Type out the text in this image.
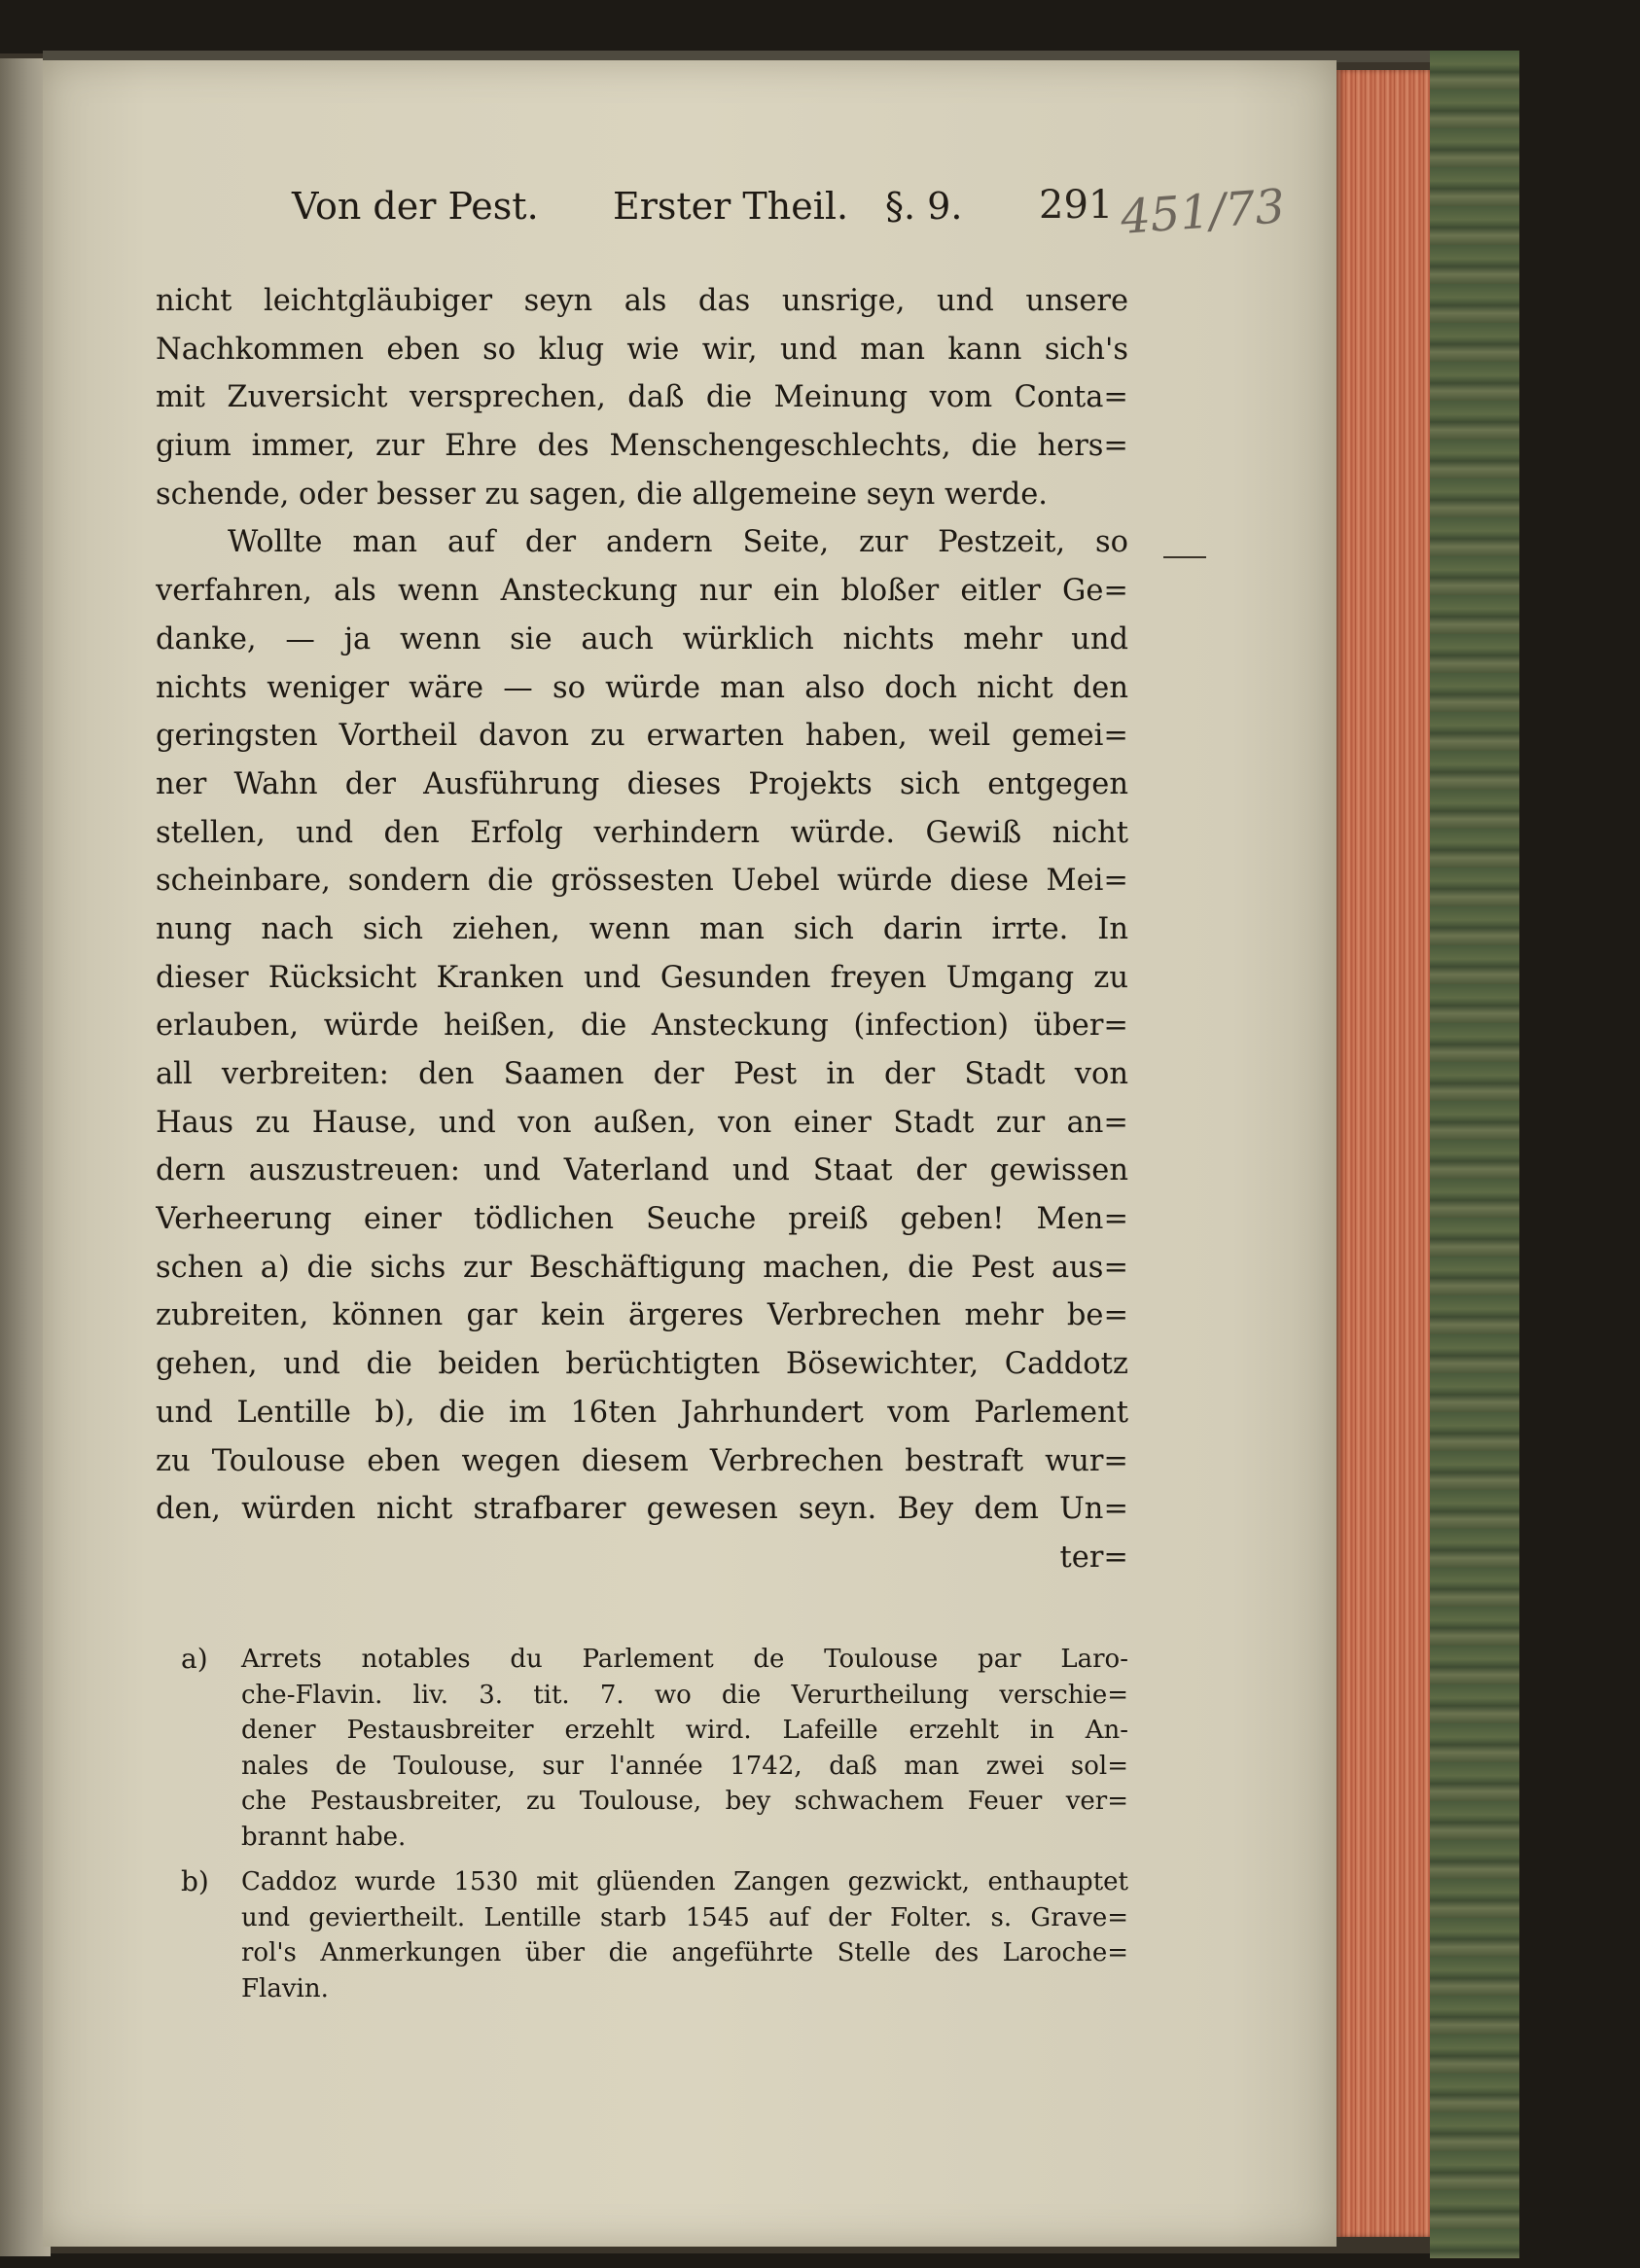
Von der Pest. Erster Theil. §. 9. 291 451/73
nicht leichtgläubiger seyn als das unsrige, und unsere
Nachkommen eben so klug wie wir, und man kann sich's
mit Zuversicht versprechen, daß die Meinung vom Conta=
gium immer, zur Ehre des Menschengeschlechts, die hers=
schende, oder besser zu sagen, die allgemeine seyn werde.
Wollte man auf der andern Seite, zur Pestzeit, so
verfahren, als wenn Ansteckung nur ein bloßer eitler Ge=
danke, — ja wenn sie auch würklich nichts mehr und
nichts weniger wäre — so würde man also doch nicht den
geringsten Vortheil davon zu erwarten haben, weil gemei=
ner Wahn der Ausführung dieses Projekts sich entgegen
stellen, und den Erfolg verhindern würde. Gewiß nicht
scheinbare, sondern die grössesten Uebel würde diese Mei=
nung nach sich ziehen, wenn man sich darin irrte. In
dieser Rücksicht Kranken und Gesunden freyen Umgang zu
erlauben, würde heißen, die Ansteckung (infection) über=
all verbreiten: den Saamen der Pest in der Stadt von
Haus zu Hause, und von außen, von einer Stadt zur an=
dern auszustreuen: und Vaterland und Staat der gewissen
Verheerung einer tödlichen Seuche preiß geben! Men=
schen a) die sichs zur Beschäftigung machen, die Pest aus=
zubreiten, können gar kein ärgeres Verbrechen mehr be=
gehen, und die beiden berüchtigten Bösewichter, Caddotz
und Lentille b), die im 16ten Jahrhundert vom Parlement
zu Toulouse eben wegen diesem Verbrechen bestraft wur=
den, würden nicht strafbarer gewesen seyn. Bey dem Un=
ter=
a)	Arrets notables du Parlement de Toulouse par Laro-
che-Flavin. liv. 3. tit. 7. wo die Verurtheilung verschie=
dener Pestausbreiter erzehlt wird. Lafeille erzehlt in An-
nales de Toulouse, sur l'année 1742, daß man zwei sol=
che Pestausbreiter, zu Toulouse, bey schwachem Feuer ver=
brannt habe.
b)	Caddoz wurde 1530 mit glüenden Zangen gezwickt, enthauptet
und geviertheilt. Lentille starb 1545 auf der Folter. s. Grave=
rol's Anmerkungen über die angeführte Stelle des Laroche=
Flavin.
